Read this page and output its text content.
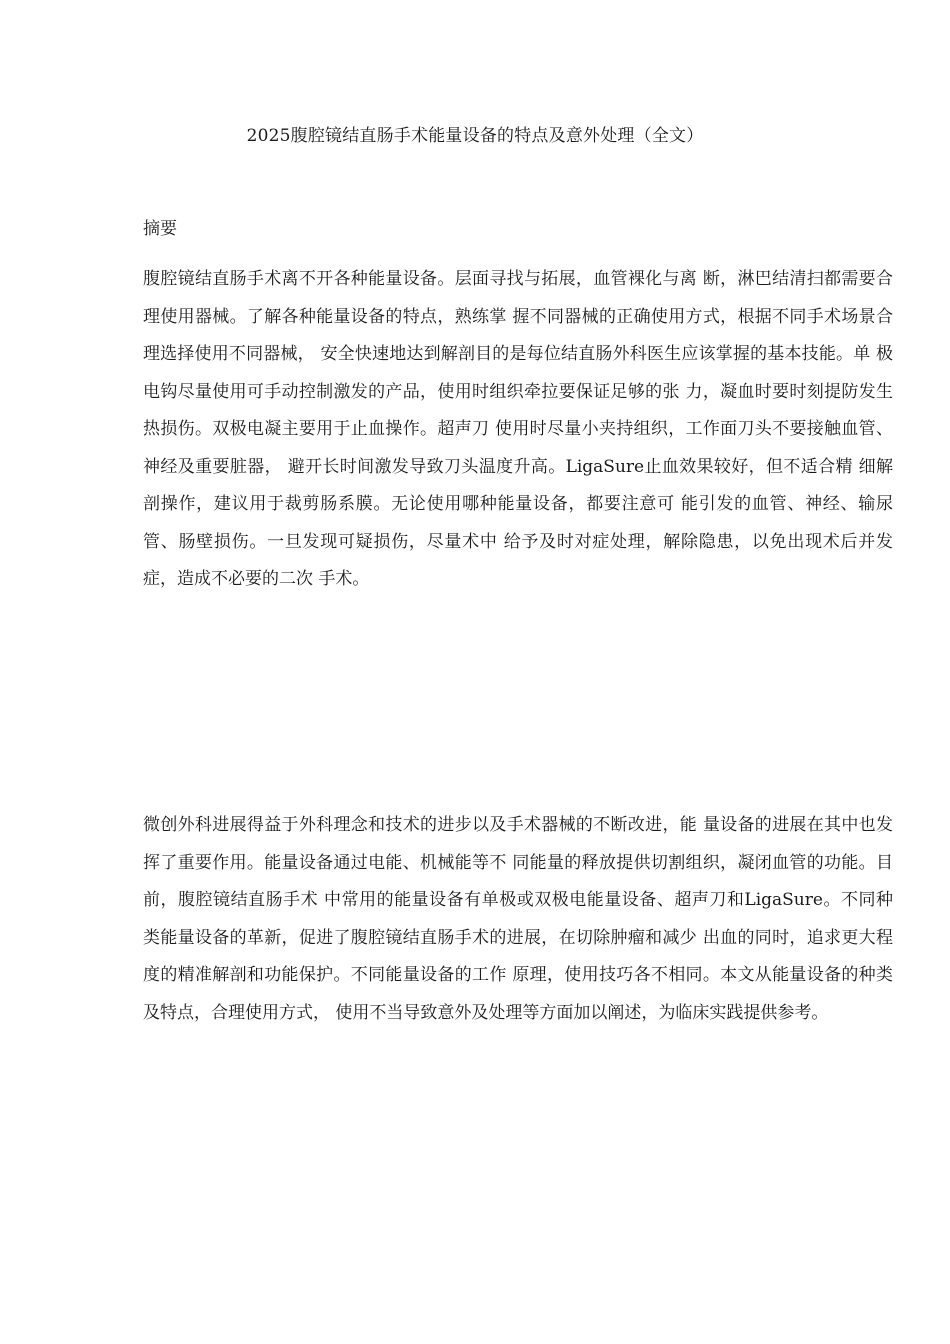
2025腹腔镜结直肠手术能量设备的特点及意外处理（全文）
摘要

腹腔镜结直肠手术离不开各种能量设备。层面寻找与拓展，血管裸化与离 断，淋巴结清扫都需要合理使用器械。了解各种能量设备的特点，熟练掌 握不同器械的正确使用方式，根据不同手术场景合理选择使用不同器械， 安全快速地达到解剖目的是每位结直肠外科医生应该掌握的基本技能。单 极电钩尽量使用可手动控制激发的产品，使用时组织牵拉要保证足够的张 力，凝血时要时刻提防发生热损伤。双极电凝主要用于止血操作。超声刀 使用时尽量小夹持组织，工作面刀头不要接触血管、神经及重要脏器， 避开长时间激发导致刀头温度升高。LigaSure止血效果较好，但不适合精 细解剖操作，建议用于裁剪肠系膜。无论使用哪种能量设备，都要注意可 能引发的血管、神经、输尿管、肠壁损伤。一旦发现可疑损伤，尽量术中 给予及时对症处理，解除隐患，以免出现术后并发症，造成不必要的二次 手术。

微创外科进展得益于外科理念和技术的进步以及手术器械的不断改进，能 量设备的进展在其中也发挥了重要作用。能量设备通过电能、机械能等不 同能量的释放提供切割组织，凝闭血管的功能。目前，腹腔镜结直肠手术 中常用的能量设备有单极或双极电能量设备、超声刀和LigaSure。不同种 类能量设备的革新，促进了腹腔镜结直肠手术的进展，在切除肿瘤和减少 出血的同时，追求更大程度的精准解剖和功能保护。不同能量设备的工作 原理，使用技巧各不相同。本文从能量设备的种类及特点，合理使用方式， 使用不当导致意外及处理等方面加以阐述，为临床实践提供参考。
